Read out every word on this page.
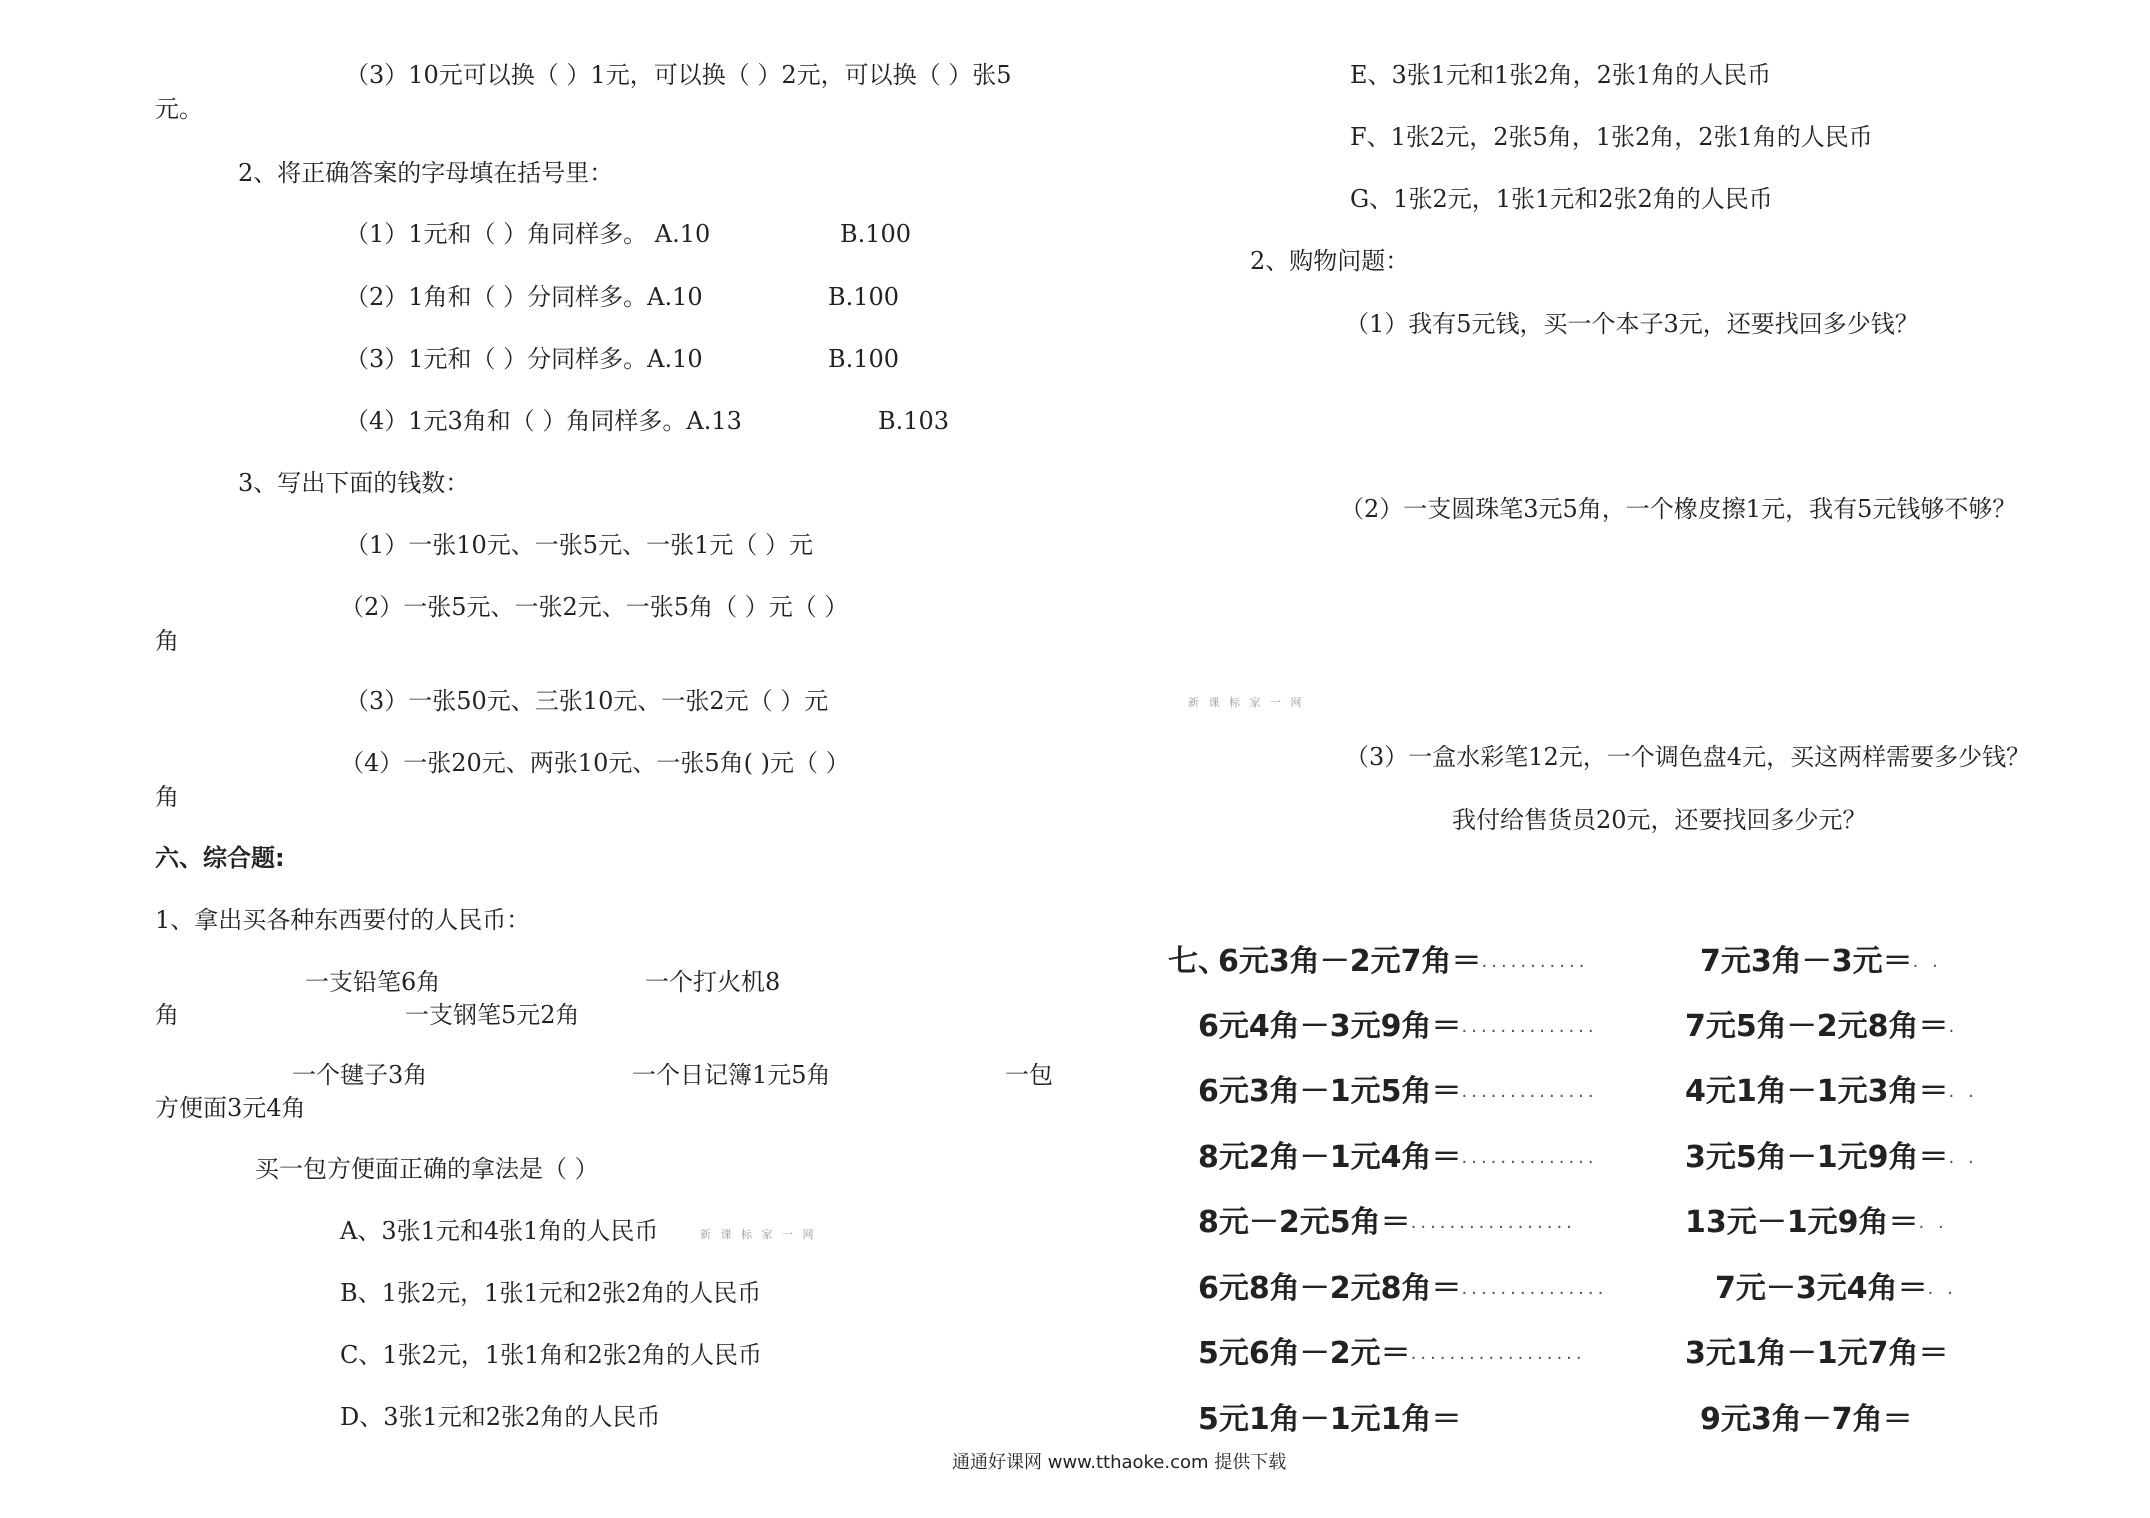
（3）10元可以换（ ）1元，可以换（ ）2元，可以换（ ）张5
元。
2、将正确答案的字母填在括号里：
（1）1元和（ ）角同样多。 A.10	B.100
（2）1角和（ ）分同样多。A.10	B.100
（3）1元和（ ）分同样多。A.10	B.100
（4）1元3角和（ ）角同样多。A.13	B.103
3、写出下面的钱数：
（1）一张10元、一张5元、一张1元（ ）元
（2）一张5元、一张2元、一张5角（ ）元（ ）
角
（3）一张50元、三张10元、一张2元（ ）元
（4）一张20元、两张10元、一张5角( )元（ ）
角
六、综合题:
1、拿出买各种东西要付的人民币：
一支铅笔6角	一个打火机8
角	一支钢笔5元2角
一个毽子3角	一个日记簿1元5角	一包
方便面3元4角
买一包方便面正确的拿法是（ ）
A、3张1元和4张1角的人民币	新 课 标 家 一 网
B、1张2元，1张1元和2张2角的人民币
C、1张2元，1张1角和2张2角的人民币
D、3张1元和2张2角的人民币
E、3张1元和1张2角，2张1角的人民币
F、1张2元，2张5角，1张2角，2张1角的人民币
G、1张2元，1张1元和2张2角的人民币
2、购物问题：
（1）我有5元钱，买一个本子3元，还要找回多少钱？
（2）一支圆珠笔3元5角，一个橡皮擦1元，我有5元钱够不够？
新 课 标 家 一 网
（3）一盒水彩笔12元，一个调色盘4元，买这两样需要多少钱？
我付给售货员20元，还要找回多少元？
七、
6元3角－2元7角＝...........	7元3角－3元＝. .
6元4角－3元9角＝..............	7元5角－2元8角＝.
6元3角－1元5角＝..............	4元1角－1元3角＝. .
8元2角－1元4角＝..............	3元5角－1元9角＝. .
8元－2元5角＝.................	13元－1元9角＝. .
6元8角－2元8角＝...............	7元－3元4角＝. .
5元6角－2元＝..................	3元1角－1元7角＝
5元1角－1元1角＝	9元3角－7角＝
通通好课网 www.tthaoke.com 提供下载
